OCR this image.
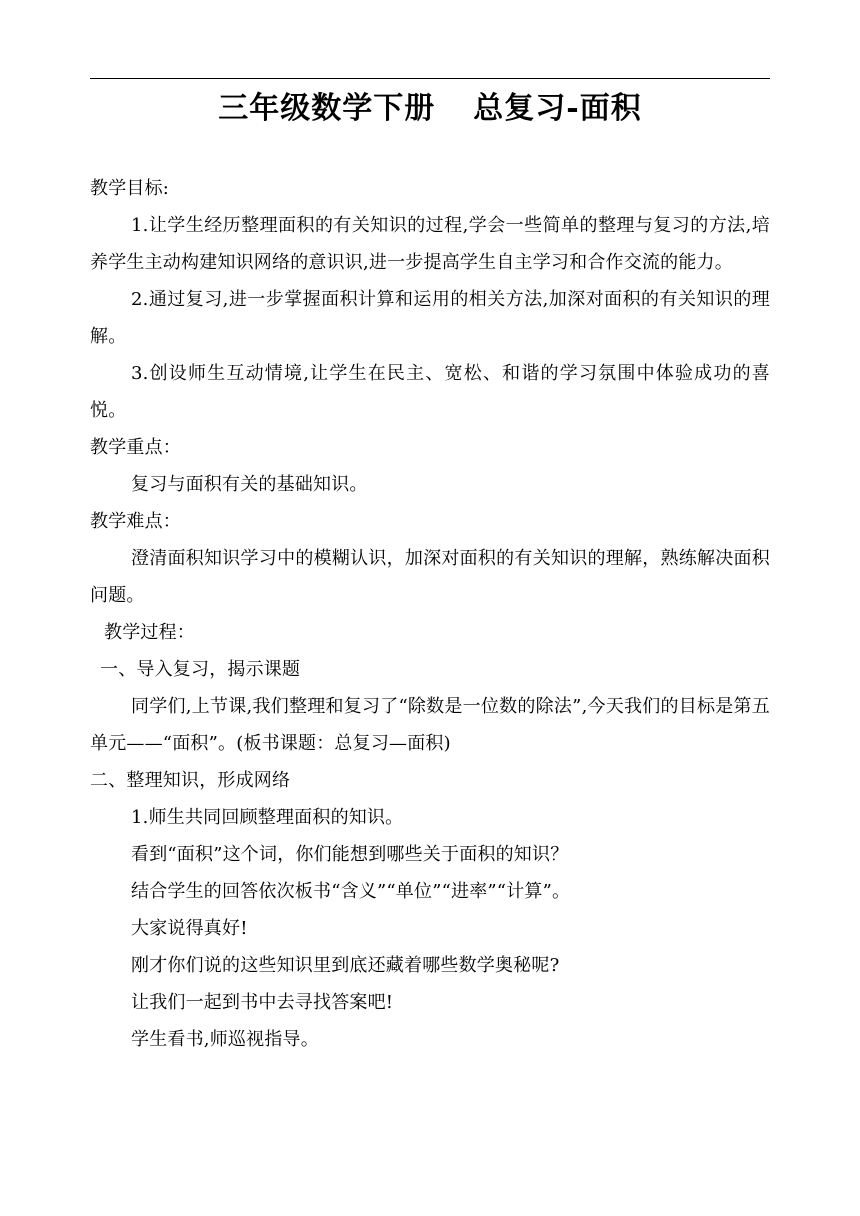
三年级数学下册 总复习-面积

教学目标:

1.让学生经历整理面积的有关知识的过程,学会一些简单的整理与复习的方法,培养学生主动构建知识网络的意识识,进一步提高学生自主学习和合作交流的能力。

2.通过复习,进一步掌握面积计算和运用的相关方法,加深对面积的有关知识的理解。

3.创设师生互动情境,让学生在民主、宽松、和谐的学习氛围中体验成功的喜悦。

教学重点：

复习与面积有关的基础知识。

教学难点：

澄清面积知识学习中的模糊认识，加深对面积的有关知识的理解，熟练解决面积问题。

教学过程：

一、导入复习，揭示课题

同学们,上节课,我们整理和复习了“除数是一位数的除法”,今天我们的目标是第五单元——“面积”。(板书课题：总复习—面积)

二、整理知识，形成网络

1.师生共同回顾整理面积的知识。

看到“面积”这个词，你们能想到哪些关于面积的知识？

结合学生的回答依次板书“含义”“单位”“进率”“计算”。

大家说得真好!

刚才你们说的这些知识里到底还藏着哪些数学奥秘呢?

让我们一起到书中去寻找答案吧!

学生看书,师巡视指导。
